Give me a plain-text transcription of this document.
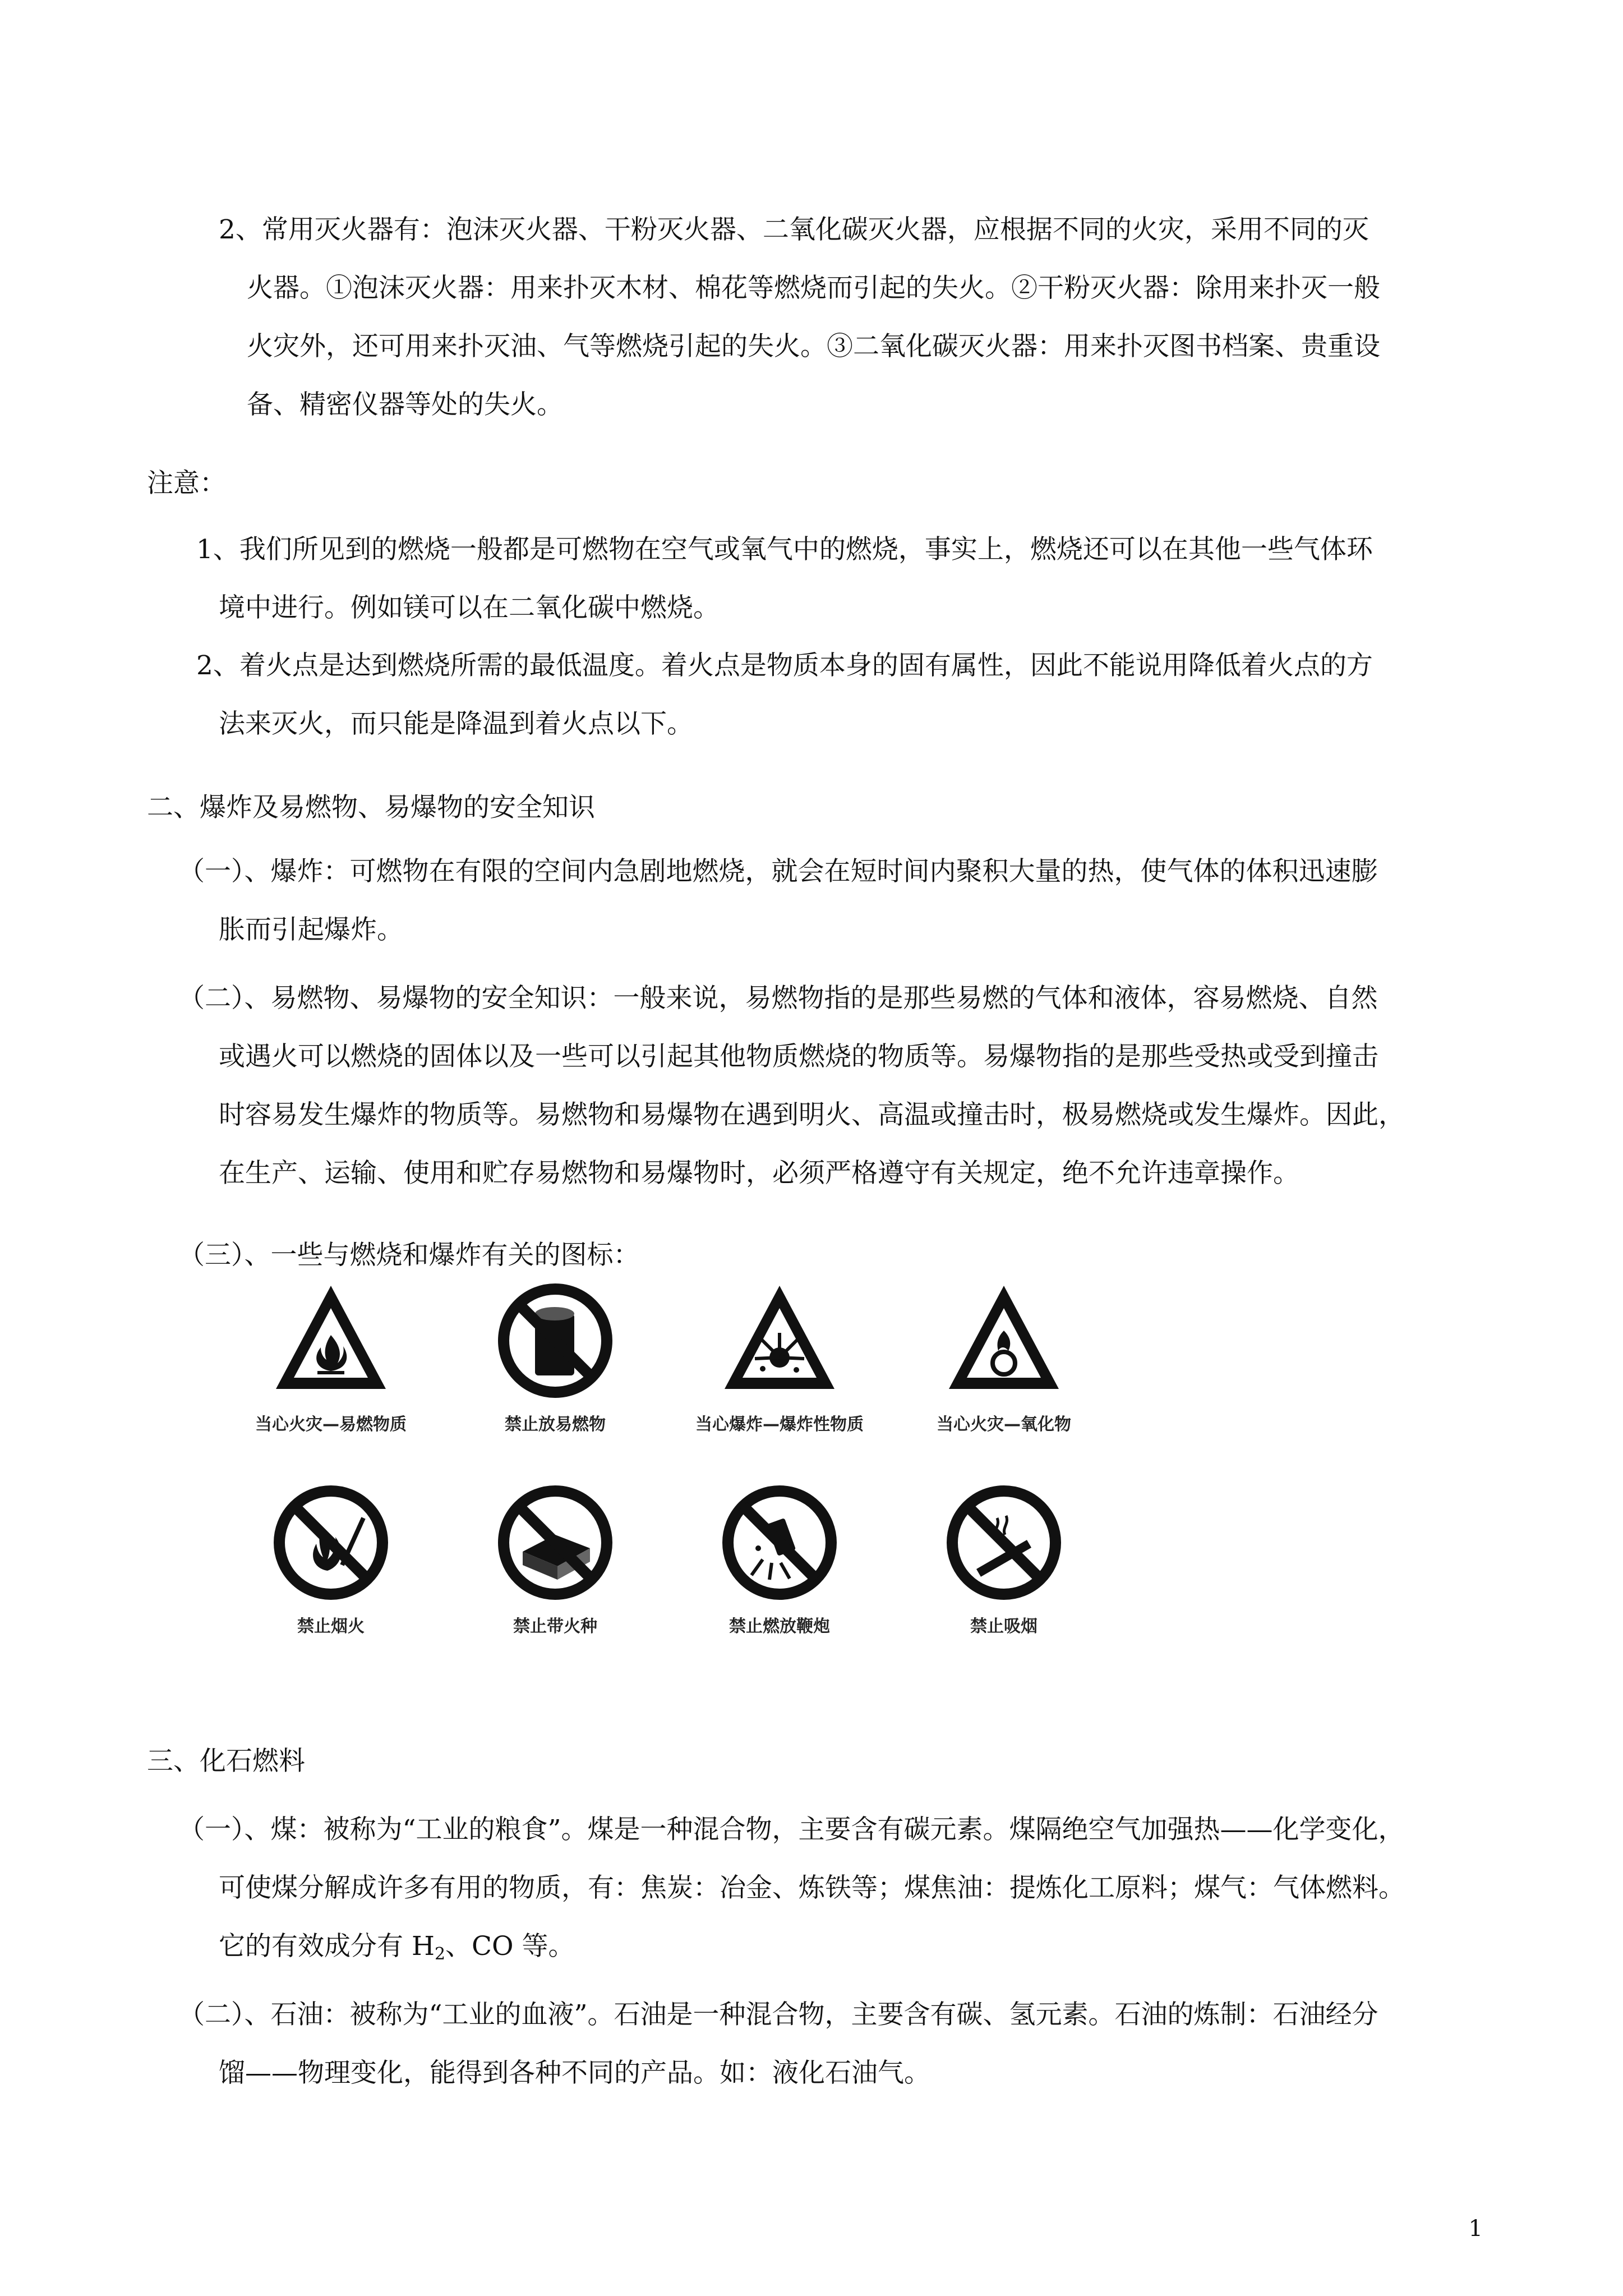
2、常用灭火器有：泡沫灭火器、干粉灭火器、二氧化碳灭火器，应根据不同的火灾，采用不同的灭
火器。①泡沫灭火器：用来扑灭木材、棉花等燃烧而引起的失火。②干粉灭火器：除用来扑灭一般
火灾外，还可用来扑灭油、气等燃烧引起的失火。③二氧化碳灭火器：用来扑灭图书档案、贵重设
备、精密仪器等处的失火。
注意：
1、我们所见到的燃烧一般都是可燃物在空气或氧气中的燃烧，事实上，燃烧还可以在其他一些气体环
境中进行。例如镁可以在二氧化碳中燃烧。
2、着火点是达到燃烧所需的最低温度。着火点是物质本身的固有属性，因此不能说用降低着火点的方
法来灭火，而只能是降温到着火点以下。
二、爆炸及易燃物、易爆物的安全知识
（一）、爆炸：可燃物在有限的空间内急剧地燃烧，就会在短时间内聚积大量的热，使气体的体积迅速膨
胀而引起爆炸。
（二）、易燃物、易爆物的安全知识：一般来说，易燃物指的是那些易燃的气体和液体，容易燃烧、自然
或遇火可以燃烧的固体以及一些可以引起其他物质燃烧的物质等。易爆物指的是那些受热或受到撞击
时容易发生爆炸的物质等。易燃物和易爆物在遇到明火、高温或撞击时，极易燃烧或发生爆炸。因此，
在生产、运输、使用和贮存易燃物和易爆物时，必须严格遵守有关规定，绝不允许违章操作。
（三）、一些与燃烧和爆炸有关的图标：
当心火灾—易燃物质	禁止放易燃物	当心爆炸—爆炸性物质	当心火灾—氧化物
禁止烟火	禁止带火种	禁止燃放鞭炮	禁止吸烟
三、化石燃料
（一）、煤：被称为“工业的粮食”。煤是一种混合物，主要含有碳元素。煤隔绝空气加强热——化学变化，
可使煤分解成许多有用的物质，有：焦炭：冶金、炼铁等；煤焦油：提炼化工原料；煤气：气体燃料。
它的有效成分有 $H_2$、CO 等。
（二）、石油：被称为“工业的血液”。石油是一种混合物，主要含有碳、氢元素。石油的炼制：石油经分
馏——物理变化，能得到各种不同的产品。如：液化石油气。
1
